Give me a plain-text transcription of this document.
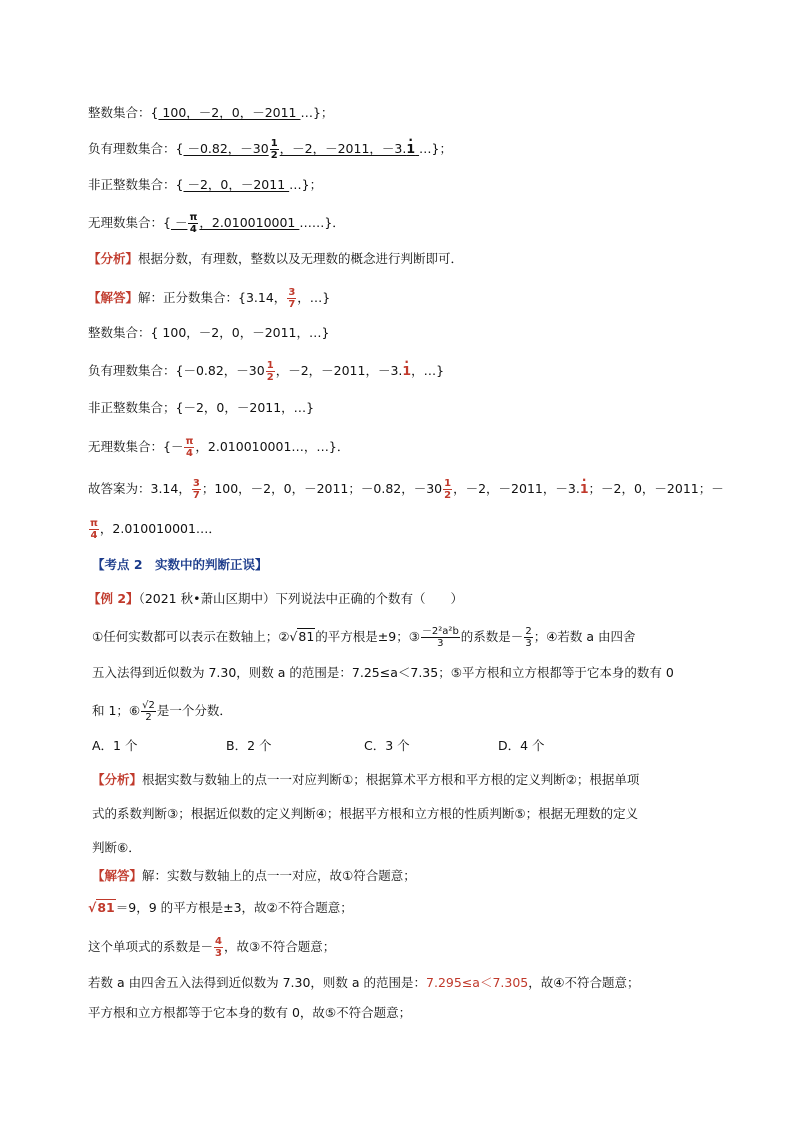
整数集合：{ 100，－2，0，－2011 …}；
负有理数集合：{ －0.82，$-30 \frac{1}{2}$ ，－2，－2011，－3.1 · …}；
非正整数集合：{ －2，0，－2011 …}；
无理数集合：{ － $\frac{\pi}{4}$ ，2.010010001 ……}．
【分析】根据分数，有理数，整数以及无理数的概念进行判断即可．
【解答】解：正分数集合：{3.14， $\frac{3}{7}$ ，…}
整数集合：{ 100，－2，0，－2011，…}
负有理数集合：{－0.82，$-30 \frac{1}{2}$ ，－2，－2011，－3.1 ·，…}
非正整数集合；{－2，0，－2011，…}
无理数集合：{－ $\frac{\pi}{4}$ ，2.010010001…，…}．
故答案为：3.14， $\frac{3}{7}$ ；100，－2，0，－2011；－0.82，$-30 \frac{1}{2}$ ，－2，－2011，－3.1 ·；－2，0，－2011；－
$\frac{\pi}{4}$ ，2.010010001…．
【考点 2　实数中的判断正误】
【例 2】（2021 秋•萧山区期中）下列说法中正确的个数有（　　）
①任何实数都可以表示在数轴上；②√81的平方根是±9；③ $\frac{\text{－2²a²b}}{3}$ 的系数是－ $\frac{2}{3}$ ；④若数 a 由四舍
五入法得到近似数为 7.30，则数 a 的范围是：7.25≤a＜7.35；⑤平方根和立方根都等于它本身的数有 0
和 1；⑥ $\frac{√2}{2}$ 是一个分数．
A．1 个	B．2 个	C．3 个	D．4 个
【分析】根据实数与数轴上的点一一对应判断①；根据算术平方根和平方根的定义判断②；根据单项
式的系数判断③；根据近似数的定义判断④；根据平方根和立方根的性质判断⑤；根据无理数的定义
判断⑥．
【解答】解：实数与数轴上的点一一对应，故①符合题意；
√81＝9，9 的平方根是±3，故②不符合题意；
这个单项式的系数是－ $\frac{4}{3}$ ，故③不符合题意；
若数 a 由四舍五入法得到近似数为 7.30，则数 a 的范围是：7.295≤a＜7.305，故④不符合题意；
平方根和立方根都等于它本身的数有 0，故⑤不符合题意；
